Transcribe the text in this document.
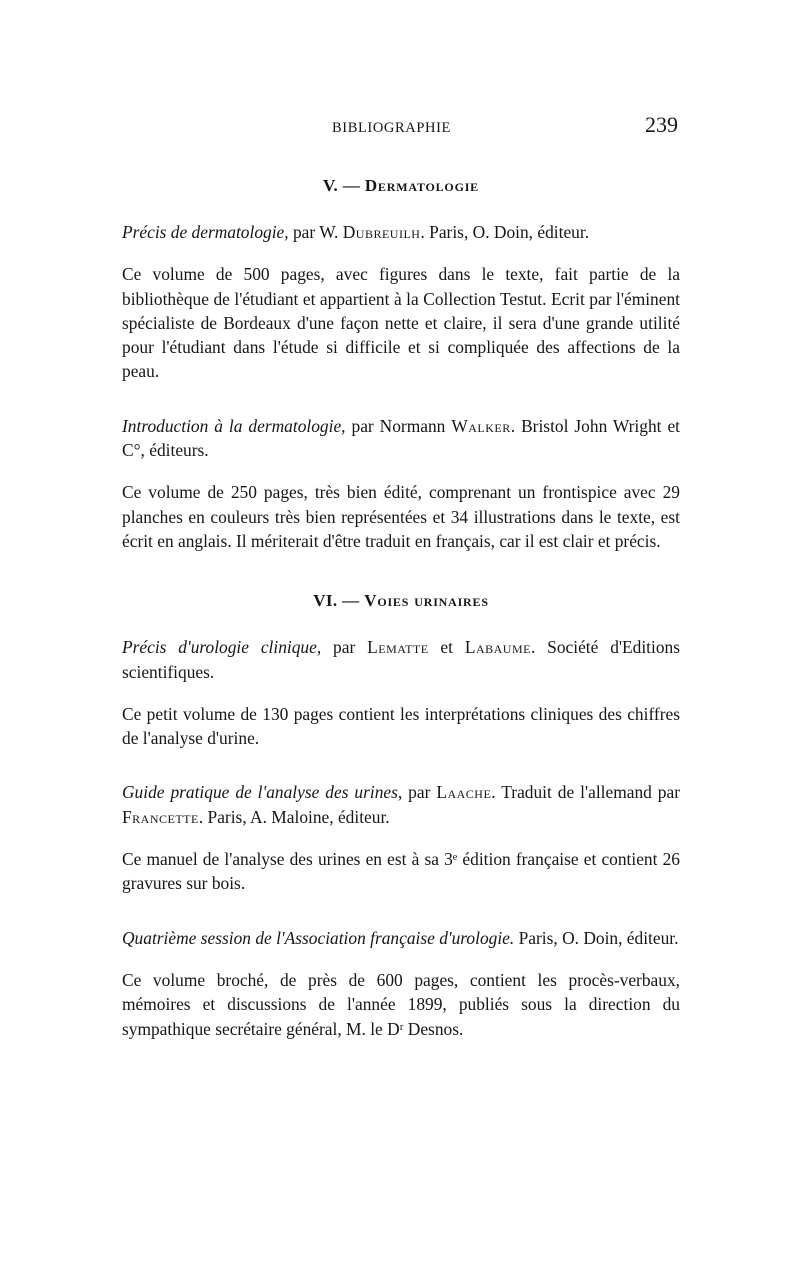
BIBLIOGRAPHIE	239
V. — Dermatologie

Précis de dermatologie, par W. Dubreuilh. Paris, O. Doin, éditeur.

Ce volume de 500 pages, avec figures dans le texte, fait partie de la bibliothèque de l'étudiant et appartient à la Collection Testut. Ecrit par l'éminent spécialiste de Bordeaux d'une façon nette et claire, il sera d'une grande utilité pour l'étudiant dans l'étude si difficile et si compliquée des affections de la peau.

Introduction à la dermatologie, par Normann Walker. Bristol John Wright et C°, éditeurs.

Ce volume de 250 pages, très bien édité, comprenant un frontispice avec 29 planches en couleurs très bien représentées et 34 illustrations dans le texte, est écrit en anglais. Il mériterait d'être traduit en français, car il est clair et précis.

VI. — Voies urinaires

Précis d'urologie clinique, par Lematte et Labaume. Société d'Editions scientifiques.

Ce petit volume de 130 pages contient les interprétations cliniques des chiffres de l'analyse d'urine.

Guide pratique de l'analyse des urines, par Laache. Traduit de l'allemand par Francette. Paris, A. Maloine, éditeur.

Ce manuel de l'analyse des urines en est à sa 3ᵉ édition française et contient 26 gravures sur bois.

Quatrième session de l'Association française d'urologie. Paris, O. Doin, éditeur.

Ce volume broché, de près de 600 pages, contient les procès-verbaux, mémoires et discussions de l'année 1899, publiés sous la direction du sympathique secrétaire général, M. le Dʳ Desnos.
